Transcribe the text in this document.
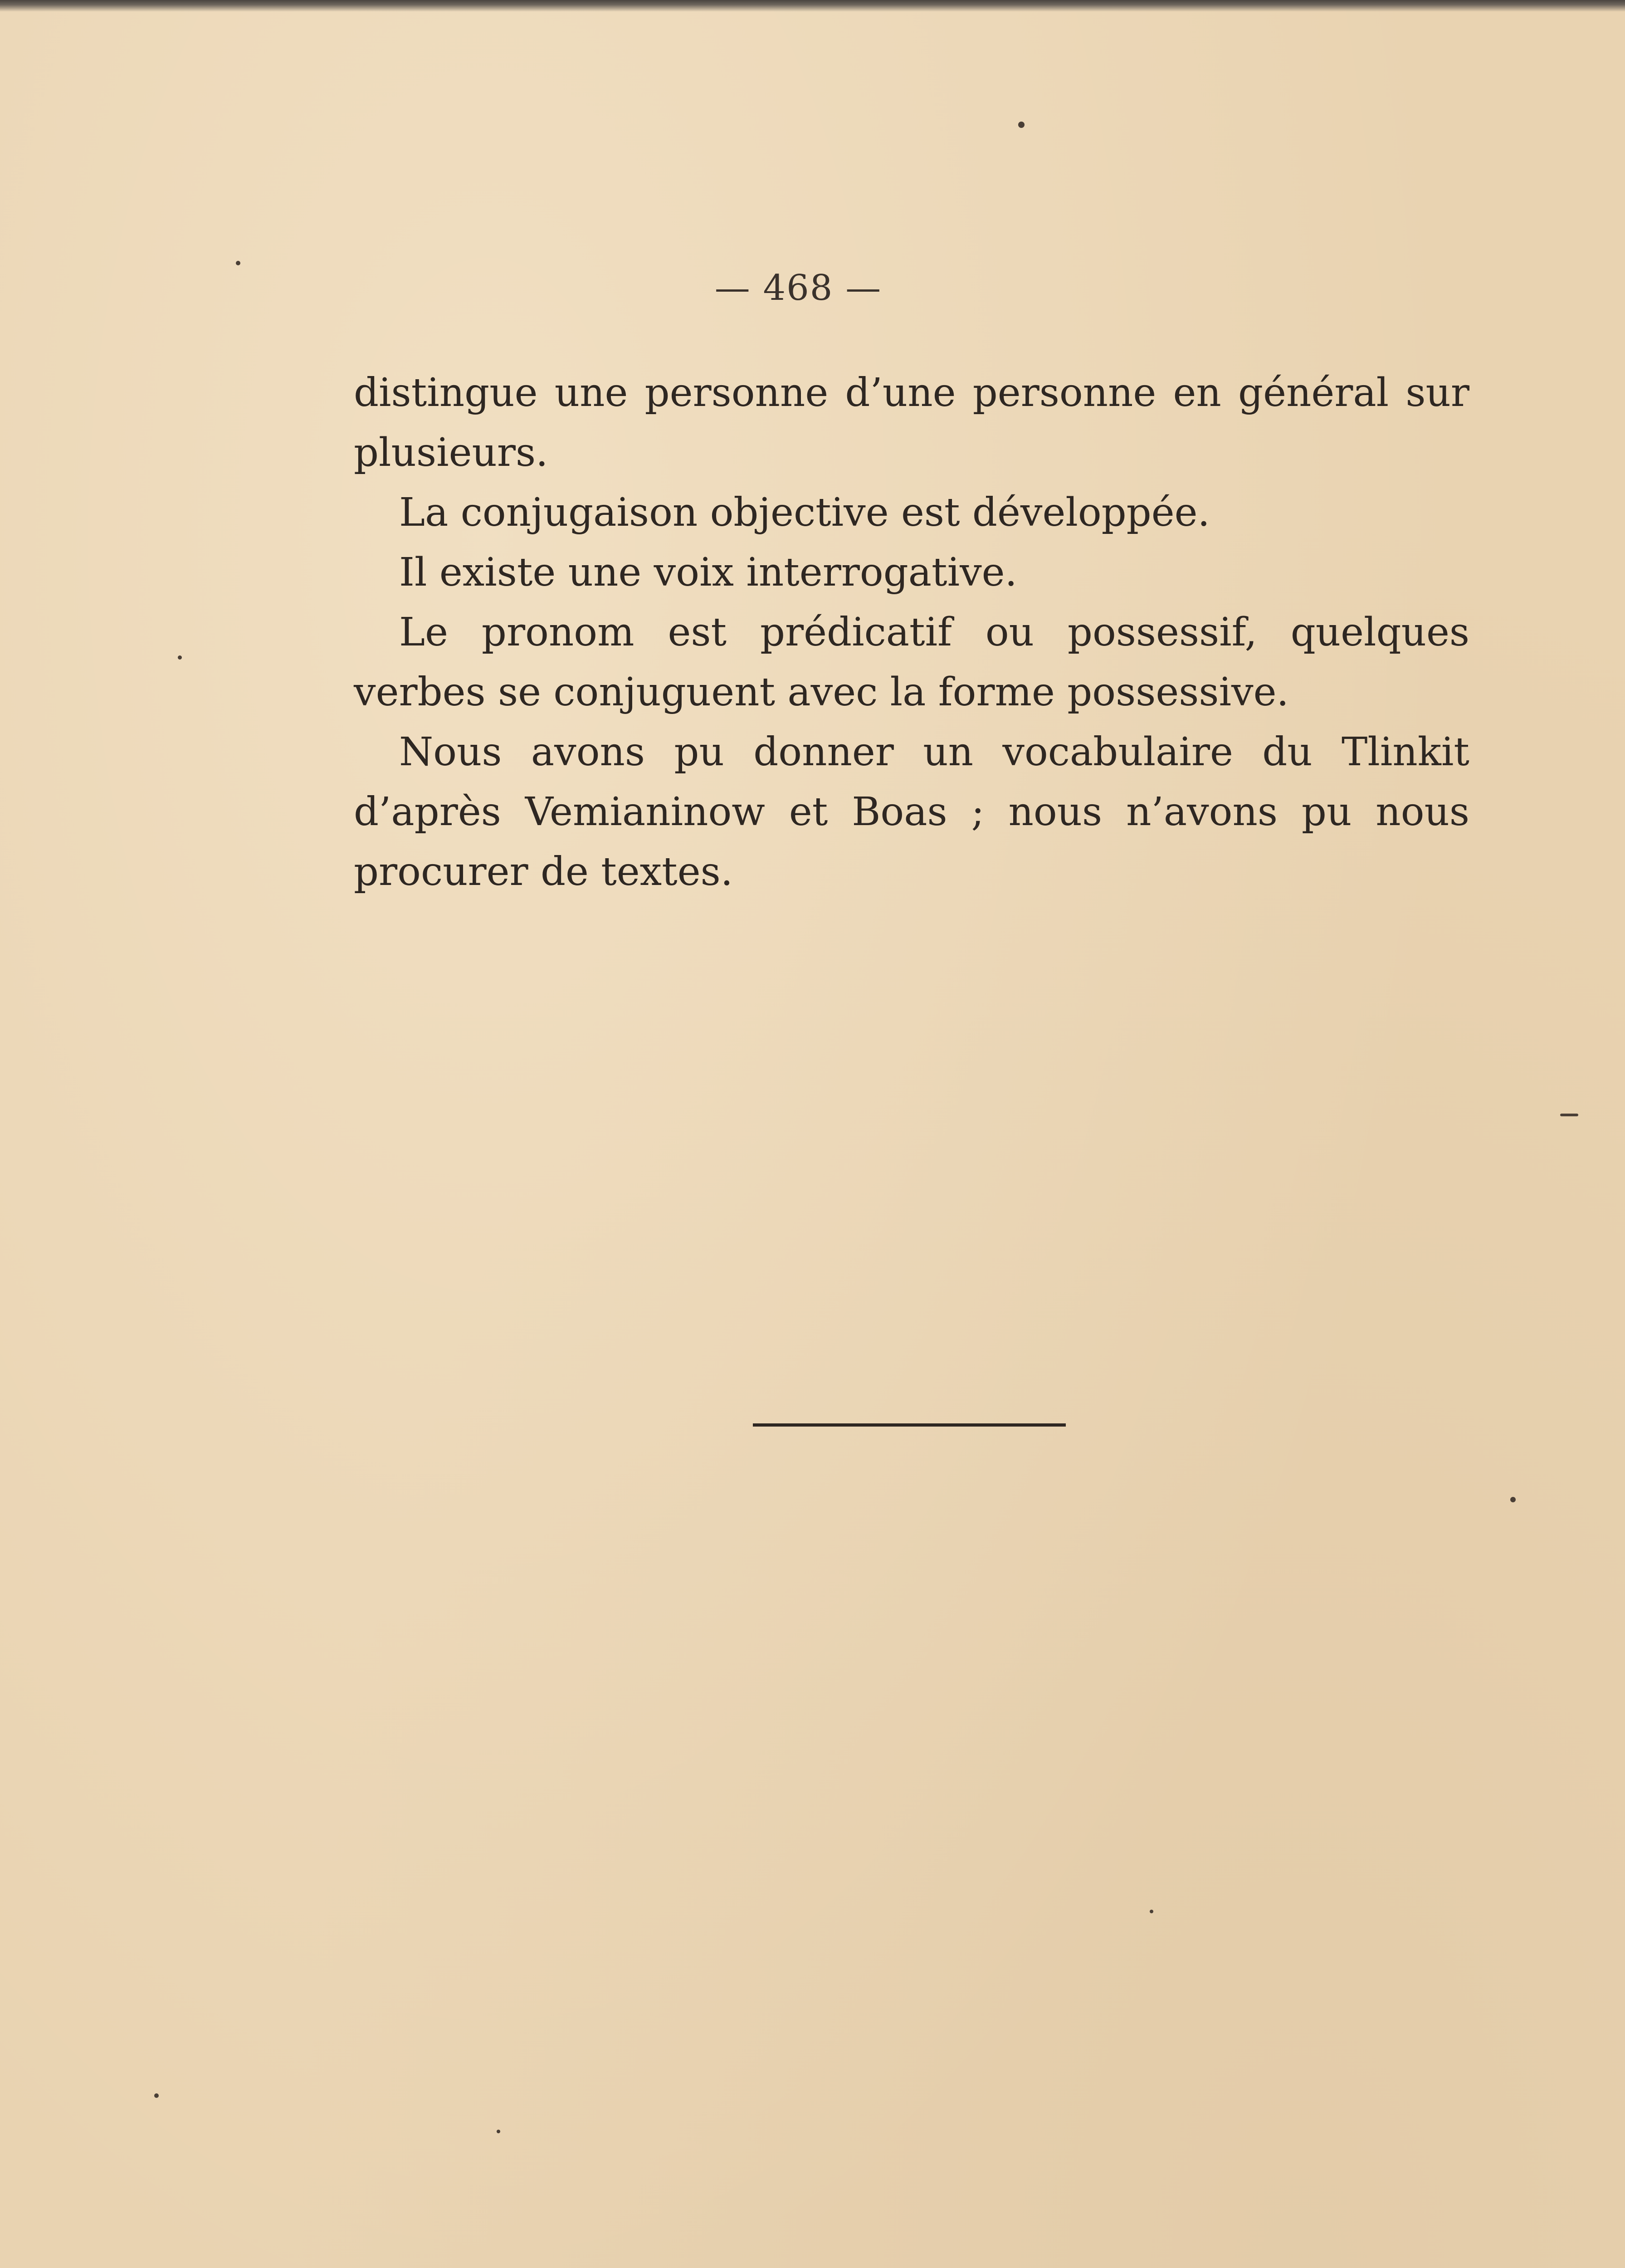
— 468 —

distingue une personne d’une personne en général sur plusieurs.

La conjugaison objective est développée.

Il existe une voix interrogative.

Le pronom est prédicatif ou possessif, quelques verbes se conjuguent avec la forme possessive.

Nous avons pu donner un vocabulaire du Tlinkit d’après Vemianinow et Boas ; nous n’avons pu nous procurer de textes.
